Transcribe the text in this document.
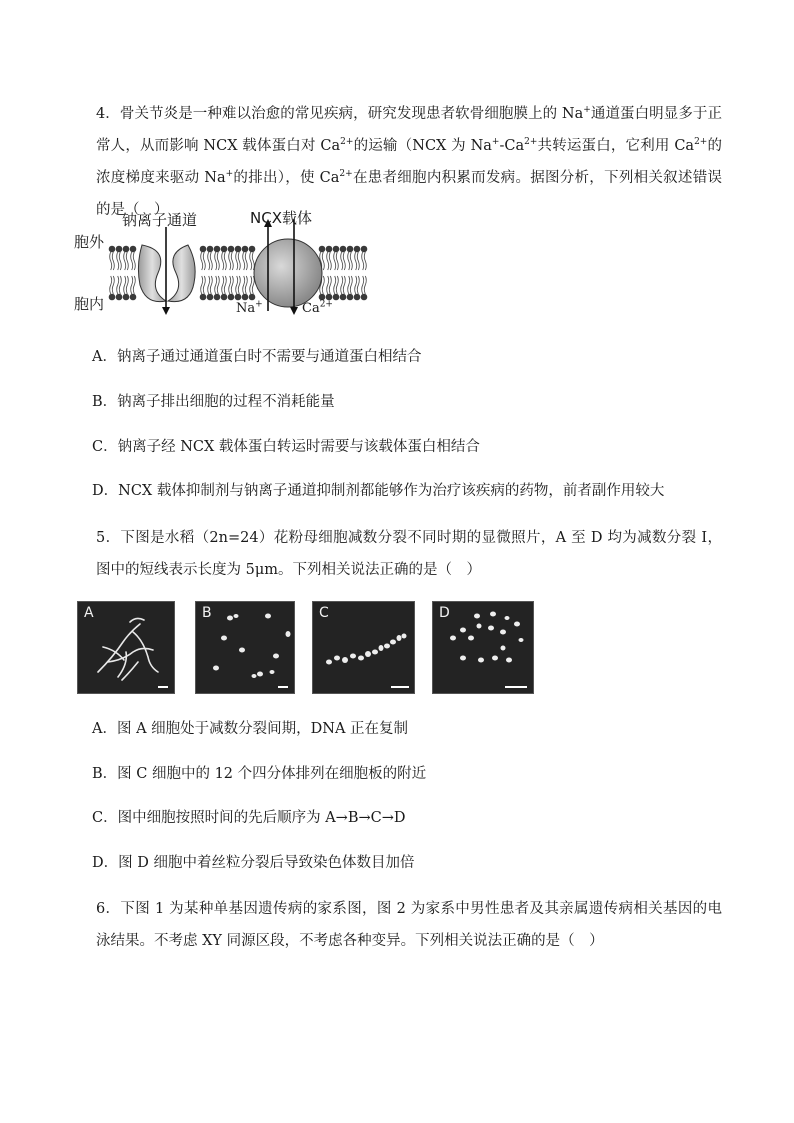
4．骨关节炎是一种难以治愈的常见疾病，研究发现患者软骨细胞膜上的 Na+通道蛋白明显多于正常人，从而影响 NCX 载体蛋白对 $Ca^{2+}$的运输（NCX 为 $Na^+-Ca^{2+}$共转运蛋白，它利用 $Ca^{2+}$的浓度梯度来驱动 Na+的排出），使 $Ca^{2+}$在患者细胞内积累而发病。据图分析，下列相关叙述错误的是（　）
钠离子通道	NCX载体
胞外
胞内	Na+	$Ca^{2+}$
A．钠离子通过通道蛋白时不需要与通道蛋白相结合
B．钠离子排出细胞的过程不消耗能量
C．钠离子经 NCX 载体蛋白转运时需要与该载体蛋白相结合
D．NCX 载体抑制剂与钠离子通道抑制剂都能够作为治疗该疾病的药物，前者副作用较大
5．下图是水稻（2n=24）花粉母细胞减数分裂不同时期的显微照片，A 至 D 均为减数分裂 I，图中的短线表示长度为 5μm。下列相关说法正确的是（　）
A	B	C	D
A．图 A 细胞处于减数分裂间期，DNA 正在复制
B．图 C 细胞中的 12 个四分体排列在细胞板的附近
C．图中细胞按照时间的先后顺序为 A→B→C→D
D．图 D 细胞中着丝粒分裂后导致染色体数目加倍
6．下图 1 为某种单基因遗传病的家系图，图 2 为家系中男性患者及其亲属遗传病相关基因的电泳结果。不考虑 XY 同源区段，不考虑各种变异。下列相关说法正确的是（　）
